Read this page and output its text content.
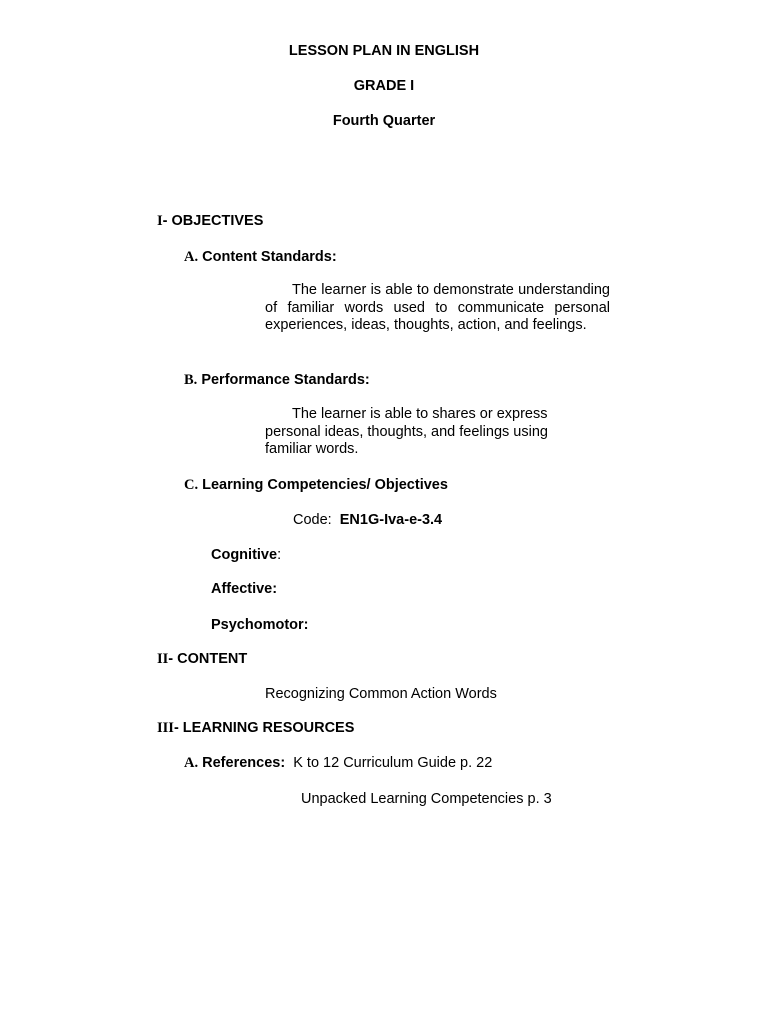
LESSON PLAN IN ENGLISH
GRADE I
Fourth Quarter
I- OBJECTIVES
A. Content Standards:
The learner is able to demonstrate understanding of familiar words used to communicate personal experiences, ideas, thoughts, action, and feelings.
B. Performance Standards:
The learner is able to shares or express personal ideas, thoughts, and feelings using familiar words.
C. Learning Competencies/ Objectives
Code: EN1G-Iva-e-3.4
Cognitive:
Affective:
Psychomotor:
II- CONTENT
Recognizing Common Action Words
III- LEARNING RESOURCES
A. References: K to 12 Curriculum Guide p. 22
Unpacked Learning Competencies p. 3
